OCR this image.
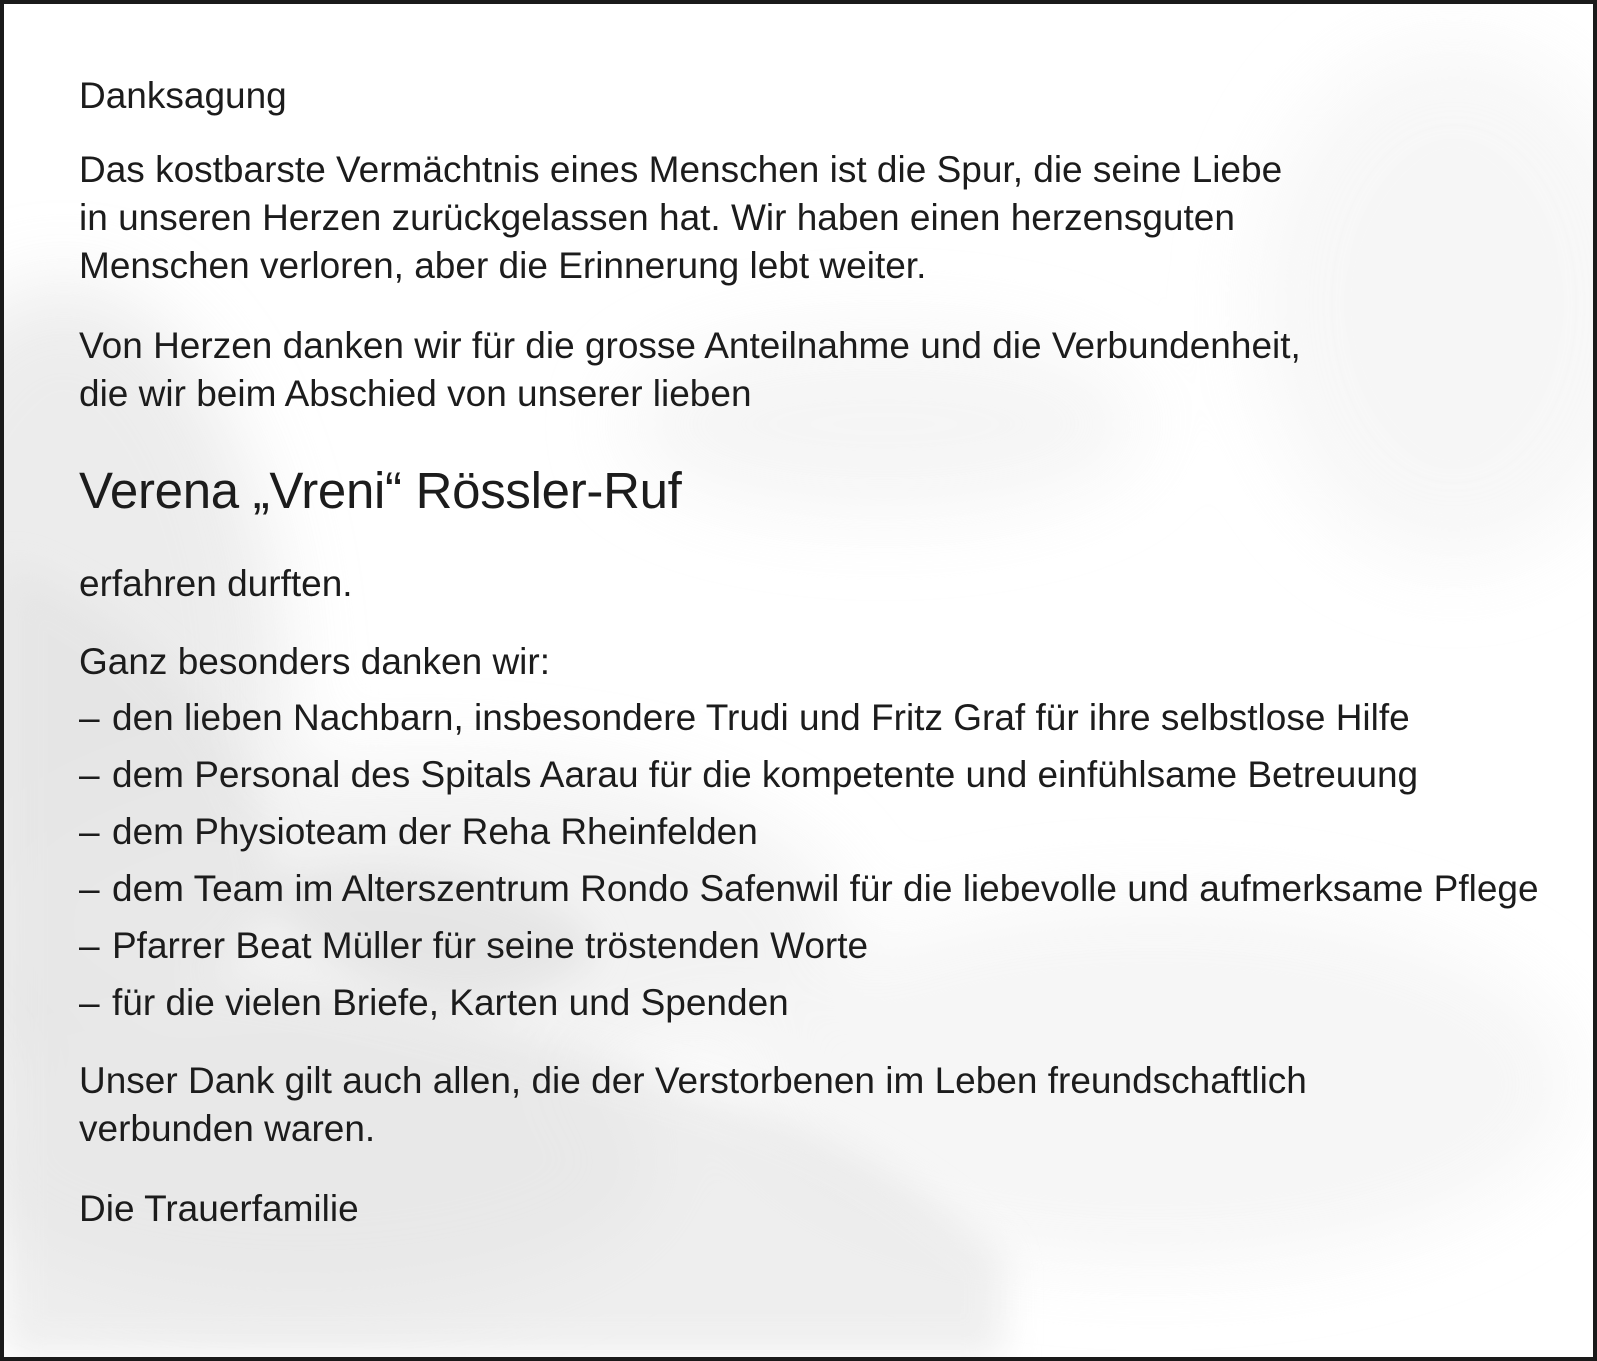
Danksagung

Das kostbarste Vermächtnis eines Menschen ist die Spur, die seine Liebe
in unseren Herzen zurückgelassen hat. Wir haben einen herzensguten
Menschen verloren, aber die Erinnerung lebt weiter.
Von Herzen danken wir für die grosse Anteilnahme und die Verbundenheit,
die wir beim Abschied von unserer lieben

Verena „Vreni“ Rössler-Ruf

erfahren durften.

Ganz besonders danken wir:

– den lieben Nachbarn, insbesondere Trudi und Fritz Graf für ihre selbstlose Hilfe
– dem Personal des Spitals Aarau für die kompetente und einfühlsame Betreuung
– dem Physioteam der Reha Rheinfelden
– dem Team im Alterszentrum Rondo Safenwil für die liebevolle und aufmerksame Pflege
– Pfarrer Beat Müller für seine tröstenden Worte
– für die vielen Briefe, Karten und Spenden
Unser Dank gilt auch allen, die der Verstorbenen im Leben freundschaftlich
verbunden waren.

Die Trauerfamilie
